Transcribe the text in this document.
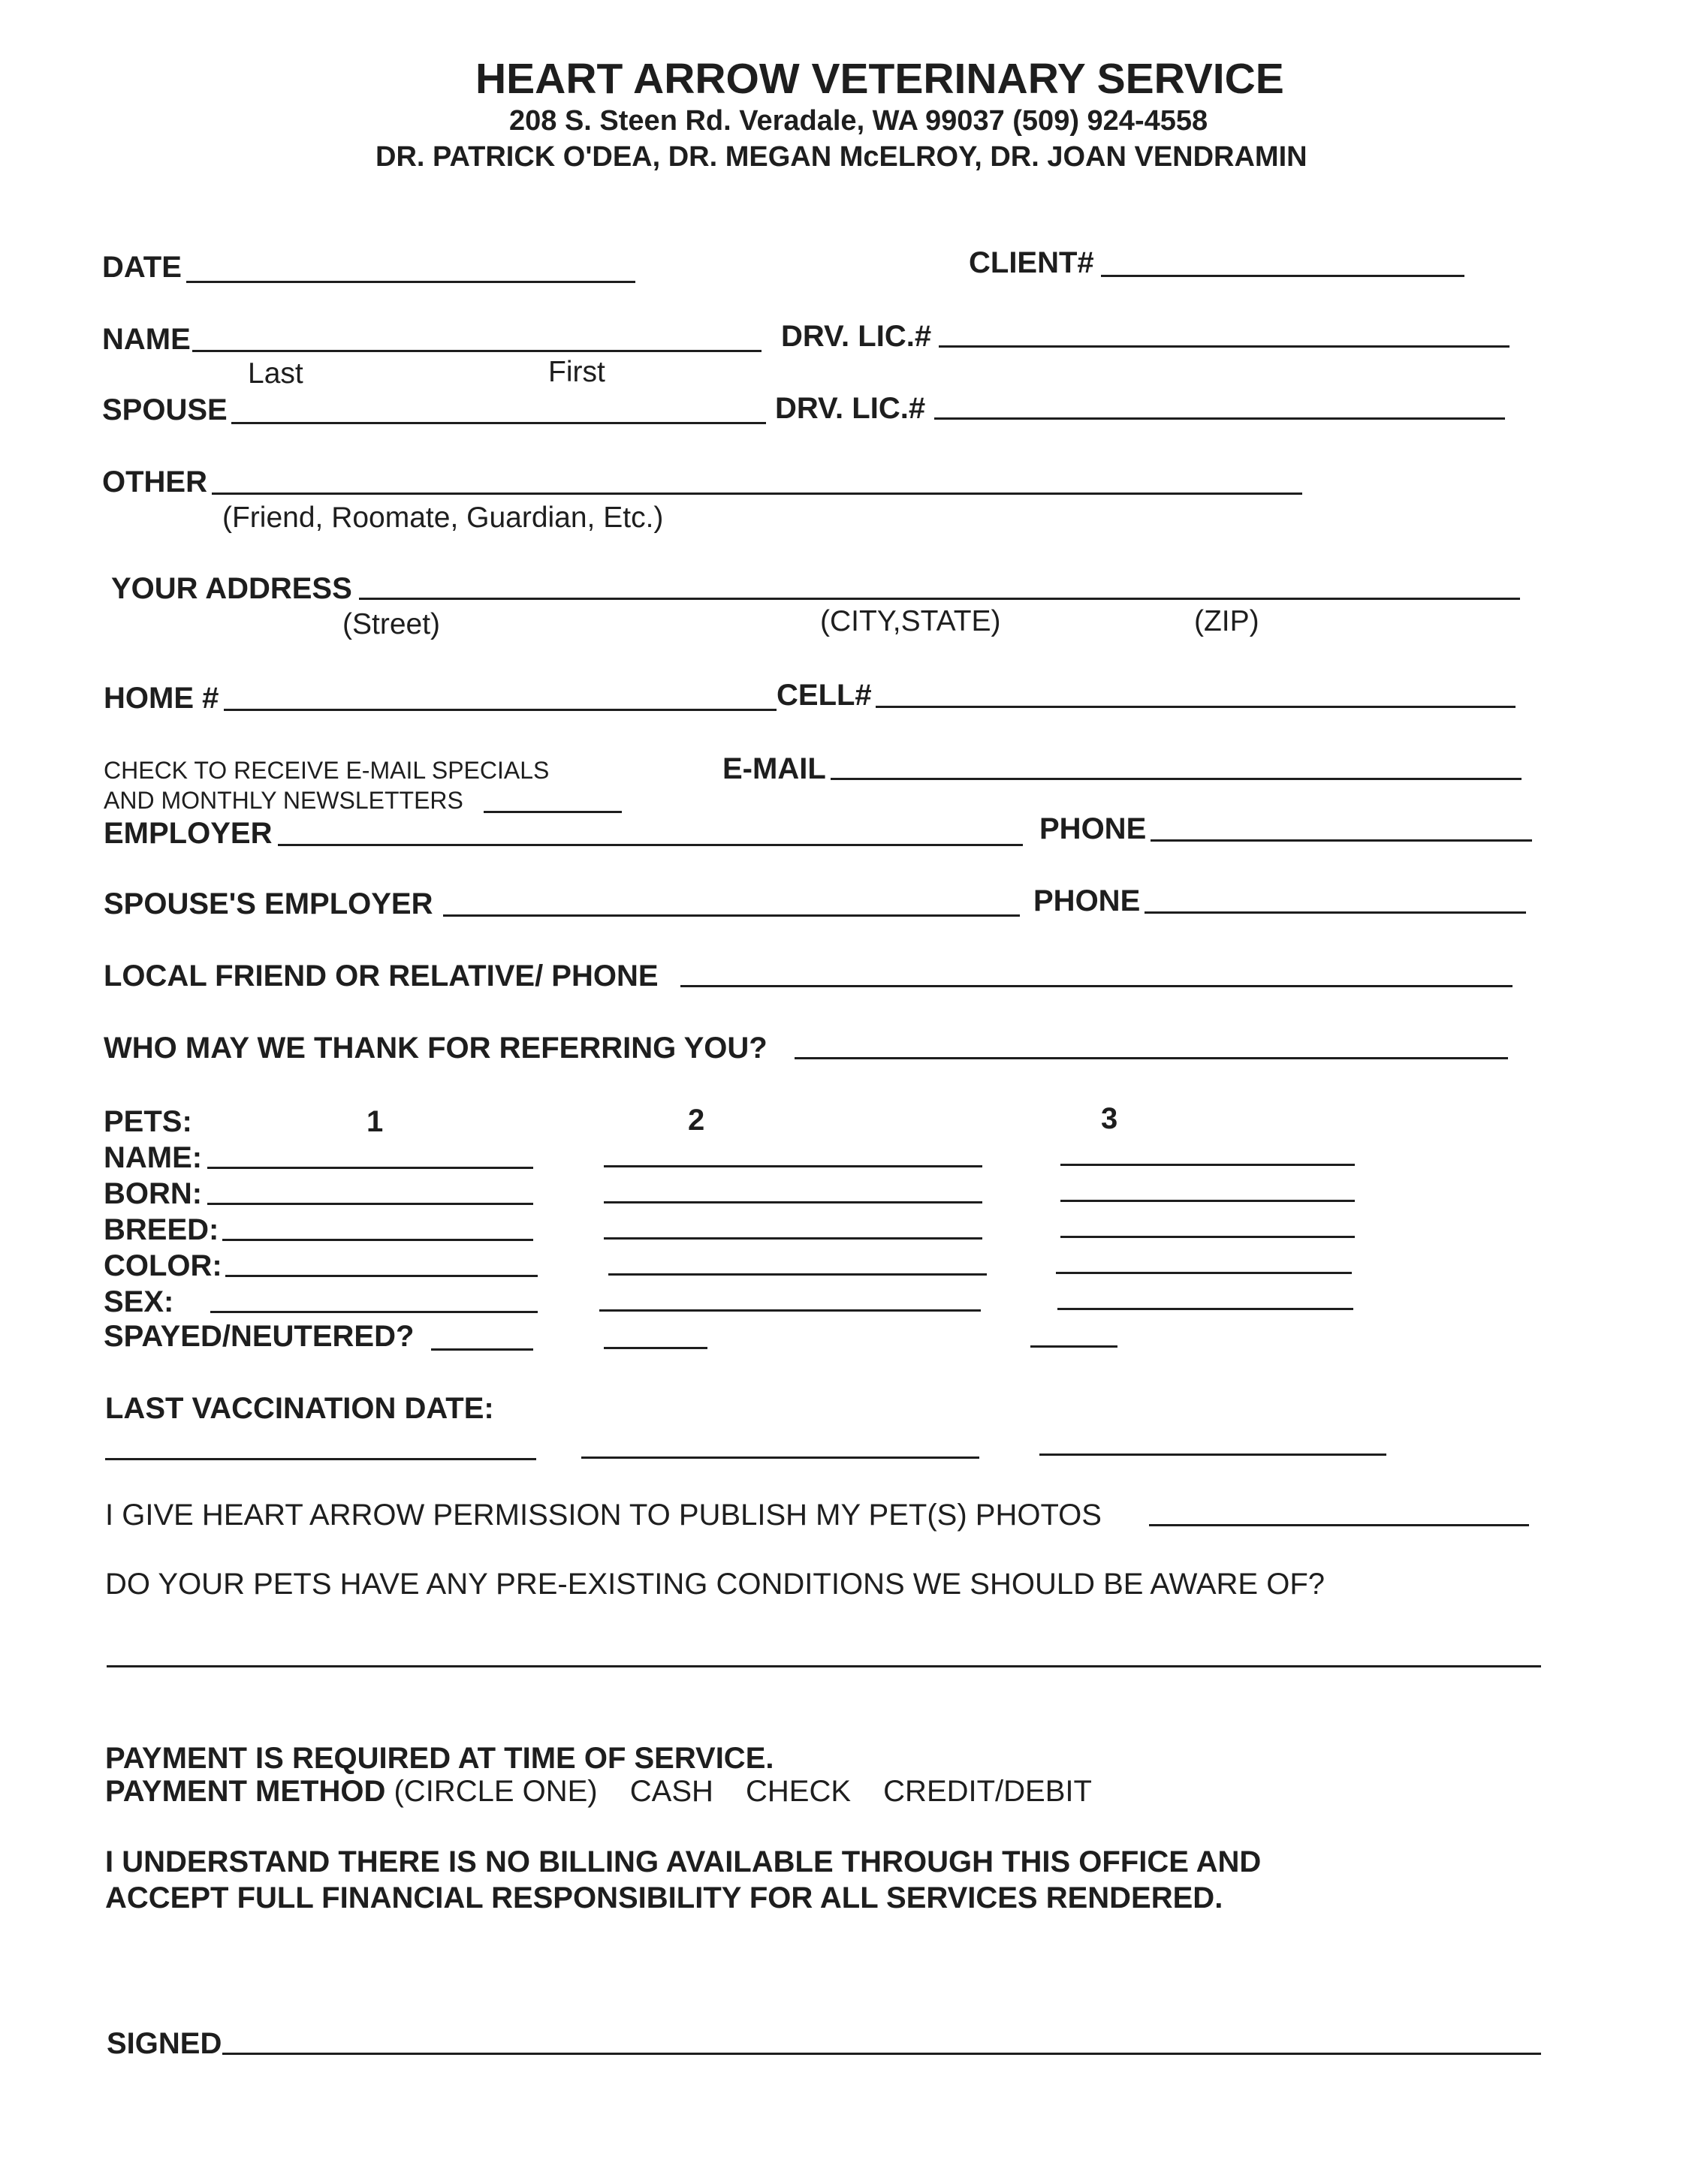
HEART ARROW VETERINARY SERVICE
208 S. Steen Rd. Veradale, WA 99037 (509) 924-4558
DR. PATRICK O'DEA, DR. MEGAN McELROY, DR. JOAN VENDRAMIN
DATE	CLIENT#
NAME
Last	First
DRV. LIC.#
SPOUSE	DRV. LIC.#
OTHER
(Friend, Roomate, Guardian, Etc.)
YOUR ADDRESS
(Street)	(CITY,STATE)	(ZIP)
HOME #	CELL#
CHECK TO RECEIVE E-MAIL SPECIALS
AND MONTHLY NEWSLETTERS
E-MAIL
EMPLOYER	PHONE
SPOUSE'S EMPLOYER	PHONE
LOCAL FRIEND OR RELATIVE/ PHONE
WHO MAY WE THANK FOR REFERRING YOU?
PETS:	1	2	3
NAME:
BORN:
BREED:
COLOR:
SEX:
SPAYED/NEUTERED?
LAST VACCINATION DATE:
I GIVE HEART ARROW PERMISSION TO PUBLISH MY PET(S) PHOTOS
DO YOUR PETS HAVE ANY PRE-EXISTING CONDITIONS WE SHOULD BE AWARE OF?
PAYMENT IS REQUIRED AT TIME OF SERVICE.
PAYMENT METHOD (CIRCLE ONE) CASH CHECK CREDIT/DEBIT
I UNDERSTAND THERE IS NO BILLING AVAILABLE THROUGH THIS OFFICE AND
ACCEPT FULL FINANCIAL RESPONSIBILITY FOR ALL SERVICES RENDERED.
SIGNED
